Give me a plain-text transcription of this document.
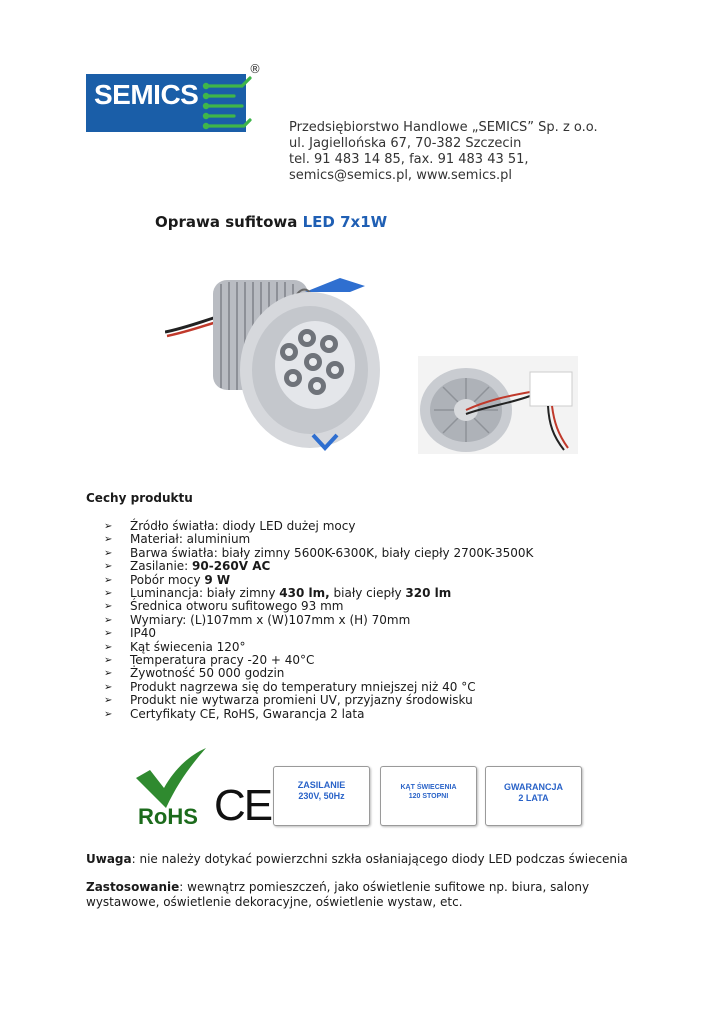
SEMICS
®
Przedsiębiorstwo Handlowe „SEMICS” Sp. z o.o.
ul. Jagiellońska 67, 70-382 Szczecin
tel. 91 483 14 85, fax. 91 483 43 51,
semics@semics.pl, www.semics.pl
Oprawa sufitowa LED 7x1W
Cechy produktu
➢ Źródło światła: diody LED dużej mocy
➢ Materiał: aluminium
➢ Barwa światła: biały zimny 5600K-6300K, biały ciepły 2700K-3500K
➢ Zasilanie: 90-260V AC
➢ Pobór mocy 9 W
➢ Luminancja: biały zimny 430 lm, biały ciepły 320 lm
➢ Średnica otworu sufitowego 93 mm
➢ Wymiary: (L)107mm x (W)107mm x (H) 70mm
➢ IP40
➢ Kąt świecenia 120°
➢ Temperatura pracy -20 + 40°C
➢ Żywotność 50 000 godzin
➢ Produkt nagrzewa się do temperatury mniejszej niż 40 °C
➢ Produkt nie wytwarza promieni UV, przyjazny środowisku
➢ Certyfikaty CE, RoHS, Gwarancja 2 lata
RoHS CE	ZASILANIE
230V, 50Hz
KĄT ŚWIECENIA
120 STOPNI
GWARANCJA
2 LATA
Uwaga: nie należy dotykać powierzchni szkła osłaniającego diody LED podczas świecenia
Zastosowanie: wewnątrz pomieszczeń, jako oświetlenie sufitowe np. biura, salony wystawowe, oświetlenie dekoracyjne, oświetlenie wystaw, etc.
